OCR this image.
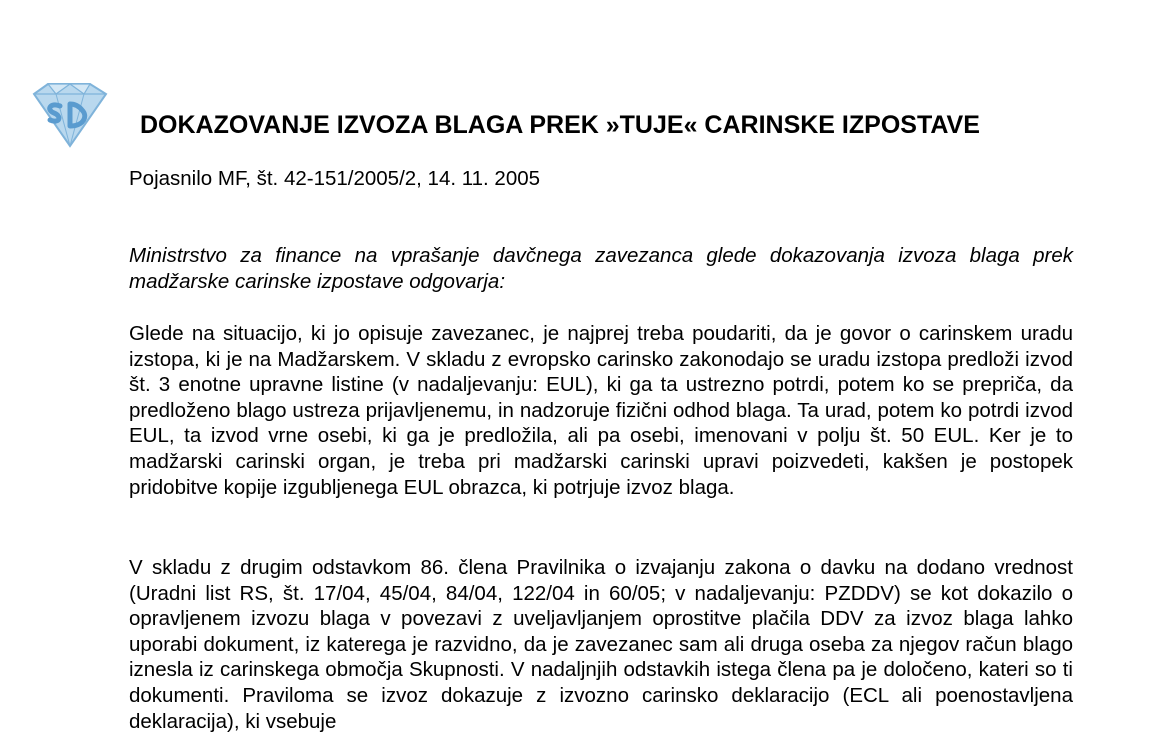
DOKAZOVANJE IZVOZA BLAGA PREK »TUJE« CARINSKE IZPOSTAVE
Pojasnilo MF, št. 42-151/2005/2, 14. 11. 2005

Ministrstvo za finance na vprašanje davčnega zavezanca glede dokazovanja izvoza blaga prek madžarske carinske izpostave odgovarja:

Glede na situacijo, ki jo opisuje zavezanec, je najprej treba poudariti, da je govor o carinskem uradu izstopa, ki je na Madžarskem. V skladu z evropsko carinsko zakonodajo se uradu izstopa predloži izvod št. 3 enotne upravne listine (v nadaljevanju: EUL), ki ga ta ustrezno potrdi, potem ko se prepriča, da predloženo blago ustreza prijavljenemu, in nadzoruje fizični odhod blaga. Ta urad, potem ko potrdi izvod EUL, ta izvod vrne osebi, ki ga je predložila, ali pa osebi, imenovani v polju št. 50 EUL. Ker je to madžarski carinski organ, je treba pri madžarski carinski upravi poizvedeti, kakšen je postopek pridobitve kopije izgubljenega EUL obrazca, ki potrjuje izvoz blaga.

V skladu z drugim odstavkom 86. člena Pravilnika o izvajanju zakona o davku na dodano vrednost (Uradni list RS, št. 17/04, 45/04, 84/04, 122/04 in 60/05; v nadaljevanju: PZDDV) se kot dokazilo o opravljenem izvozu blaga v povezavi z uveljavljanjem oprostitve plačila DDV za izvoz blaga lahko uporabi dokument, iz katerega je razvidno, da je zavezanec sam ali druga oseba za njegov račun blago iznesla iz carinskega območja Skupnosti. V nadaljnjih odstavkih istega člena pa je določeno, kateri so ti dokumenti. Praviloma se izvoz dokazuje z izvozno carinsko deklaracijo (ECL ali poenostavljena deklaracija), ki vsebuje
